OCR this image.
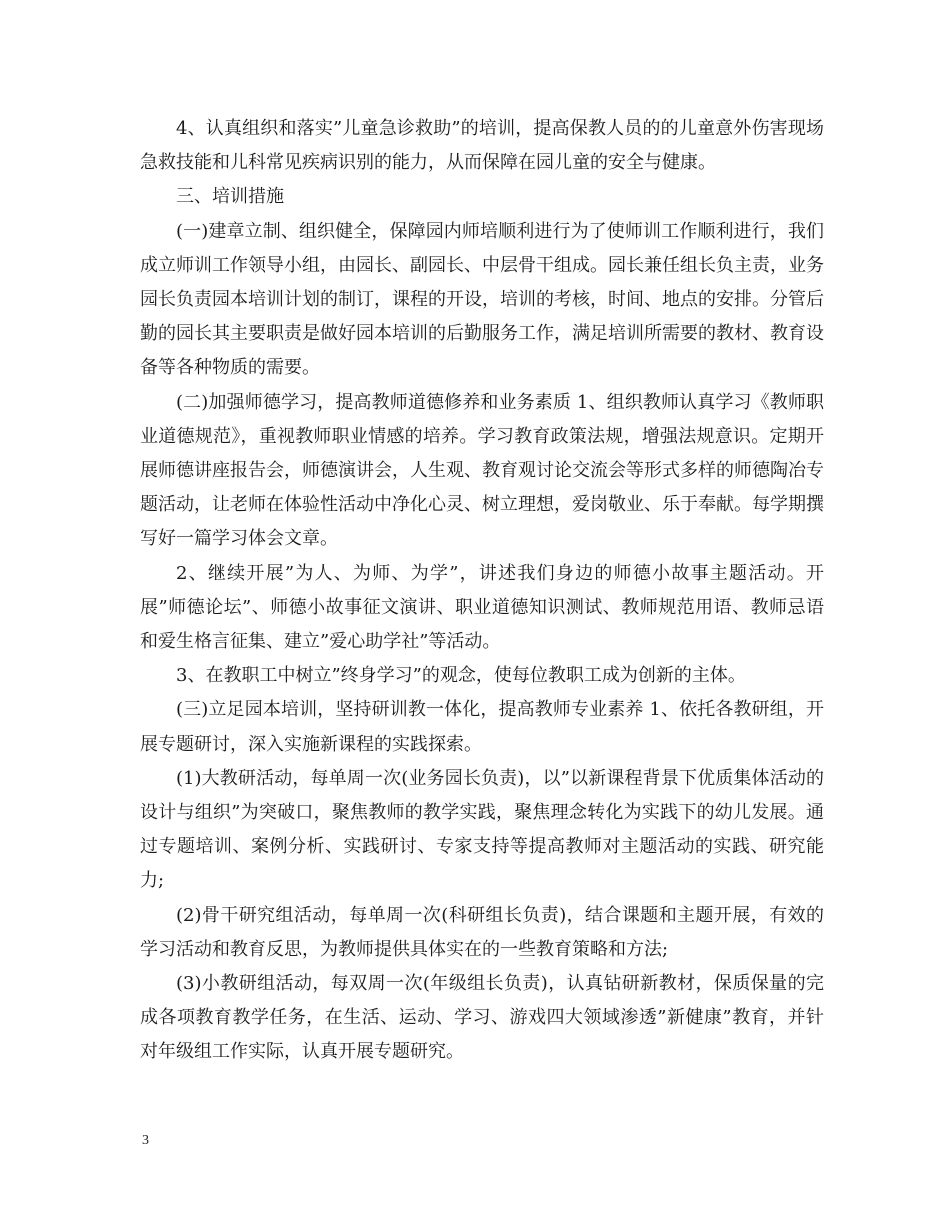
4、认真组织和落实”儿童急诊救助”的培训，提高保教人员的的儿童意外伤害现场急救技能和儿科常见疾病识别的能力，从而保障在园儿童的安全与健康。

三、培训措施

(一)建章立制、组织健全，保障园内师培顺利进行为了使师训工作顺利进行，我们成立师训工作领导小组，由园长、副园长、中层骨干组成。园长兼任组长负主责，业务园长负责园本培训计划的制订，课程的开设，培训的考核，时间、地点的安排。分管后勤的园长其主要职责是做好园本培训的后勤服务工作，满足培训所需要的教材、教育设备等各种物质的需要。

(二)加强师德学习，提高教师道德修养和业务素质 1、组织教师认真学习《教师职业道德规范》，重视教师职业情感的培养。学习教育政策法规，增强法规意识。定期开展师德讲座报告会，师德演讲会，人生观、教育观讨论交流会等形式多样的师德陶冶专题活动，让老师在体验性活动中净化心灵、树立理想，爱岗敬业、乐于奉献。每学期撰写好一篇学习体会文章。

2、继续开展”为人、为师、为学”，讲述我们身边的师德小故事主题活动。开展”师德论坛”、师德小故事征文演讲、职业道德知识测试、教师规范用语、教师忌语和爱生格言征集、建立”爱心助学社”等活动。

3、在教职工中树立”终身学习”的观念，使每位教职工成为创新的主体。

(三)立足园本培训，坚持研训教一体化，提高教师专业素养 1、依托各教研组，开展专题研讨，深入实施新课程的实践探索。

(1)大教研活动，每单周一次(业务园长负责)，以”以新课程背景下优质集体活动的设计与组织”为突破口，聚焦教师的教学实践，聚焦理念转化为实践下的幼儿发展。通过专题培训、案例分析、实践研讨、专家支持等提高教师对主题活动的实践、研究能力;

(2)骨干研究组活动，每单周一次(科研组长负责)，结合课题和主题开展，有效的学习活动和教育反思，为教师提供具体实在的一些教育策略和方法;

(3)小教研组活动，每双周一次(年级组长负责)，认真钻研新教材，保质保量的完成各项教育教学任务，在生活、运动、学习、游戏四大领域渗透”新健康”教育，并针对年级组工作实际，认真开展专题研究。

3
